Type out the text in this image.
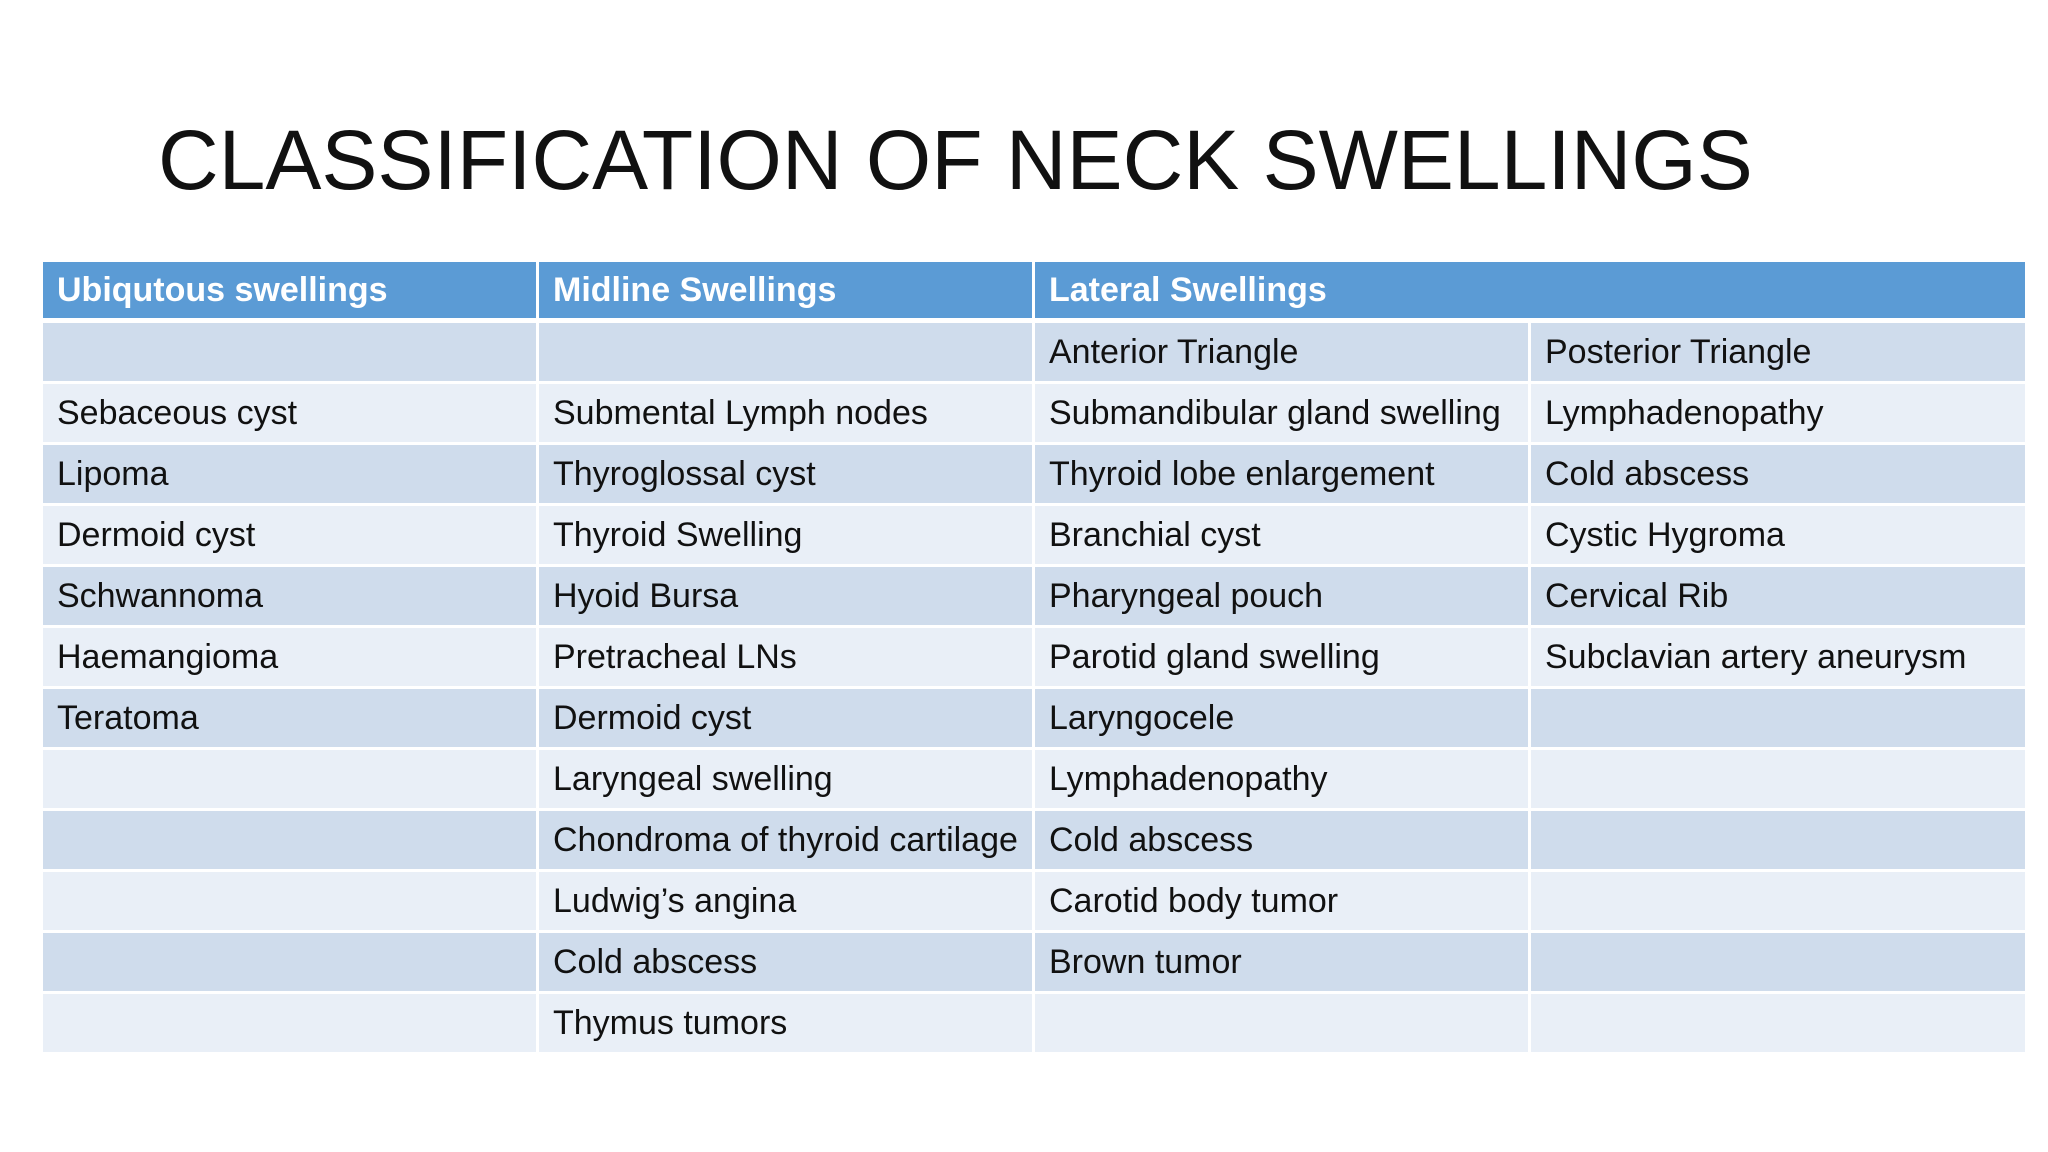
CLASSIFICATION OF NECK SWELLINGS
Ubiqutous swellings	Midline Swellings	Lateral Swellings	
		Anterior Triangle	Posterior Triangle
Sebaceous cyst	Submental Lymph nodes	Submandibular gland swelling	Lymphadenopathy
Lipoma	Thyroglossal cyst	Thyroid lobe enlargement	Cold abscess
Dermoid cyst	Thyroid Swelling	Branchial cyst	Cystic Hygroma
Schwannoma	Hyoid Bursa	Pharyngeal pouch	Cervical Rib
Haemangioma	Pretracheal LNs	Parotid gland swelling	Subclavian artery aneurysm
Teratoma	Dermoid cyst	Laryngocele	
	Laryngeal swelling	Lymphadenopathy	
	Chondroma of thyroid cartilage	Cold abscess	
	Ludwig’s angina	Carotid body tumor	
	Cold abscess	Brown tumor	
	Thymus tumors		
